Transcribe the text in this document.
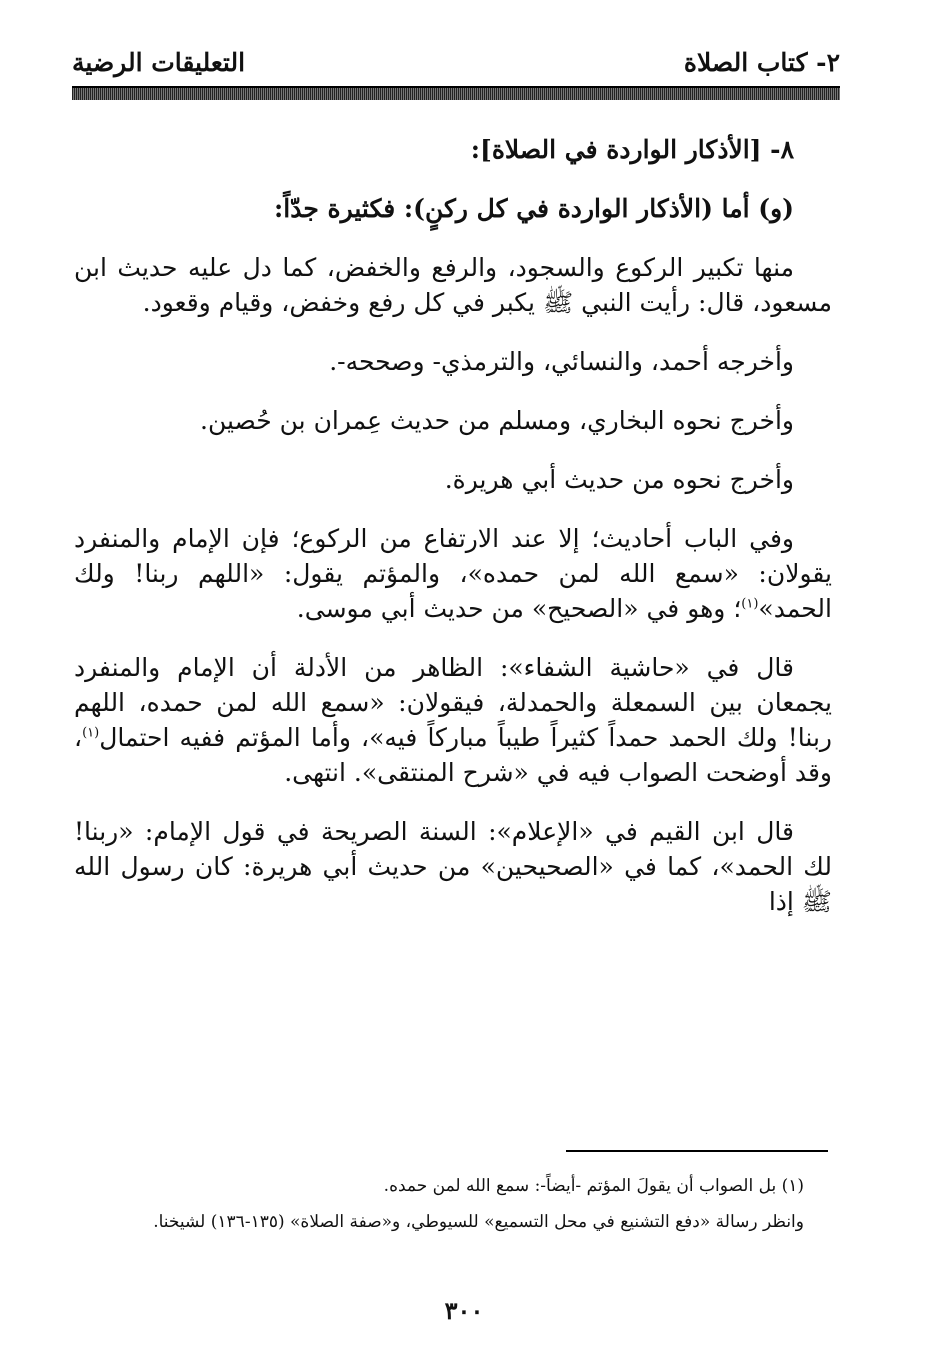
٢- كتاب الصلاة
التعليقات الرضية

٨- [الأذكار الواردة في الصلاة]:

(و) أما (الأذكار الواردة في كل ركنٍ): فكثيرة جدّاً:

منها تكبير الركوع والسجود، والرفع والخفض، كما دل عليه حديث ابن مسعود، قال: رأيت النبي ﷺ يكبر في كل رفع وخفض، وقيام وقعود.

وأخرجه أحمد، والنسائي، والترمذي- وصححه-.

وأخرج نحوه البخاري، ومسلم من حديث عِمران بن حُصين.

وأخرج نحوه من حديث أبي هريرة.

وفي الباب أحاديث؛ إلا عند الارتفاع من الركوع؛ فإن الإمام والمنفرد يقولان: «سمع الله لمن حمده»، والمؤتم يقول: «اللهم ربنا! ولك الحمد»$^{(١)}$؛ وهو في «الصحيح» من حديث أبي موسى.

قال في «حاشية الشفاء»: الظاهر من الأدلة أن الإمام والمنفرد يجمعان بين السمعلة والحمدلة، فيقولان: «سمع الله لمن حمده، اللهم ربنا! ولك الحمد حمداً كثيراً طيباً مباركاً فيه»، وأما المؤتم ففيه احتمال$^{(١)}$، وقد أوضحت الصواب فيه في «شرح المنتقى». انتهى.

قال ابن القيم في «الإعلام»: السنة الصريحة في قول الإمام: «ربنا! لك الحمد»، كما في «الصحيحين» من حديث أبي هريرة: كان رسول الله ﷺ إذا

(١) بل الصواب أن يقولَ المؤتم -أيضاً-: سمع الله لمن حمده.

وانظر رسالة «دفع التشنيع في محل التسميع» للسيوطي، و«صفة الصلاة» (١٣٥-١٣٦) لشيخنا.

٣٠٠
